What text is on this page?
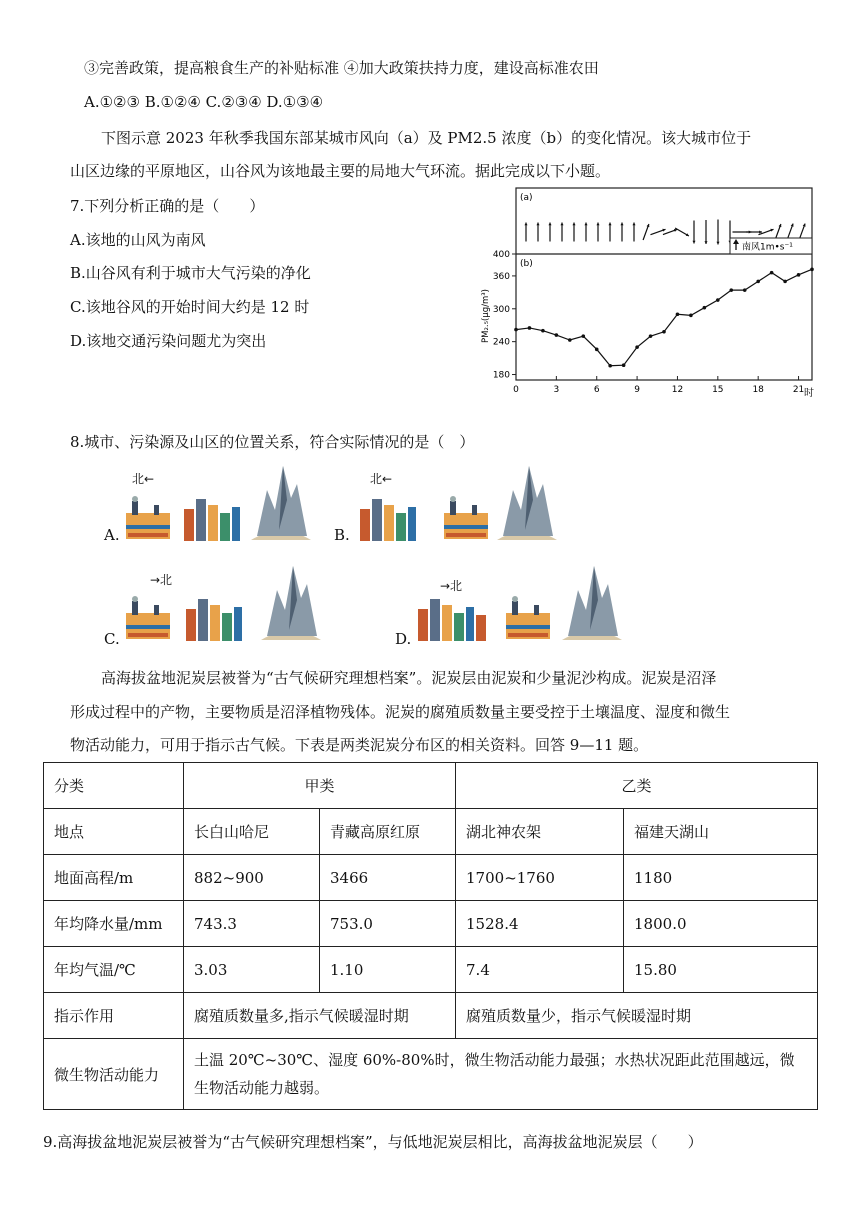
③完善政策，提高粮食生产的补贴标准 ④加大政策扶持力度，建设高标准农田
A.①②③ B.①②④ C.②③④ D.①③④
下图示意 2023 年秋季我国东部某城市风向（a）及 PM2.5 浓度（b）的变化情况。该大城市位于
山区边缘的平原地区，山谷风为该地最主要的局地大气环流。据此完成以下小题。
7.下列分析正确的是（　　）
A.该地的山风为南风
B.山谷风有利于城市大气污染的净化
C.该地谷风的开始时间大约是 12 时
D.该地交通污染问题尤为突出
(a)
(b)
南风1m•s⁻¹
180
240
300
360
400
0	3	6	9	12	15	18	21
PM₂.₅(μg/m³)
时
8.城市、污染源及山区的位置关系，符合实际情况的是（　）
A.	B.
C.	D.
北←	北←
→北	→北
高海拔盆地泥炭层被誉为“古气候研究理想档案”。泥炭层由泥炭和少量泥沙构成。泥炭是沼泽
形成过程中的产物，主要物质是沼泽植物残体。泥炭的腐殖质数量主要受控于土壤温度、湿度和微生
物活动能力，可用于指示古气候。下表是两类泥炭分布区的相关资料。回答 9—11 题。
分类	甲类		乙类	
地点	长白山哈尼	青藏高原红原	湖北神农架	福建天湖山
地面高程/m	882~900	3466	1700~1760	1180
年均降水量/mm	743.3	753.0	1528.4	1800.0
年均气温/℃	3.03	1.10	7.4	15.80
指示作用	腐殖质数量多,指示气候暖湿时期		腐殖质数量少，指示气候暖湿时期	
微生物活动能力	土温 20℃~30℃、湿度 60%-80%时，微生物活动能力最强；水热状况距此范围越远，微生物活动能力越弱。			
9.高海拔盆地泥炭层被誉为“古气候研究理想档案”，与低地泥炭层相比，高海拔盆地泥炭层（　　）
